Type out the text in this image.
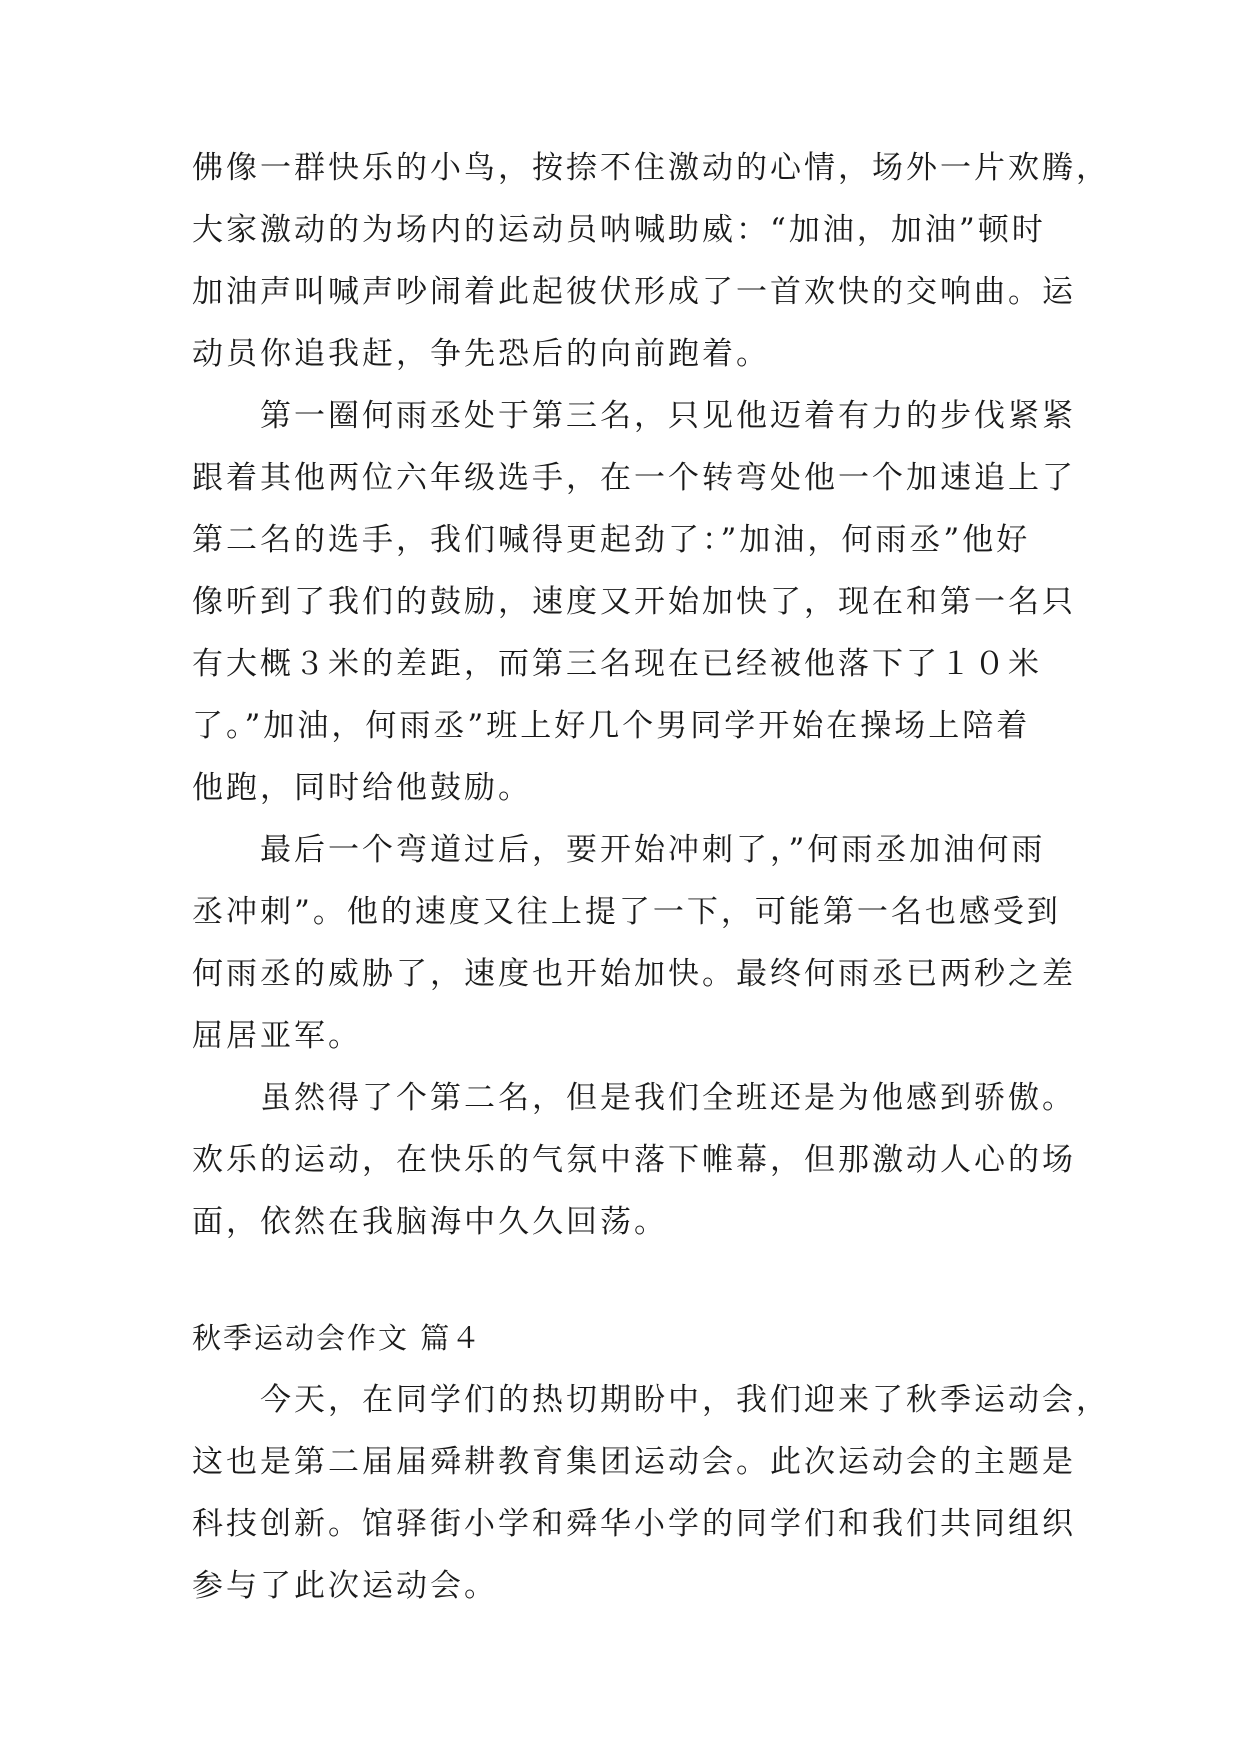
佛像一群快乐的小鸟，按捺不住激动的心情，场外一片欢腾，
大家激动的为场内的运动员呐喊助威：“加油，加油”顿时
加油声叫喊声吵闹着此起彼伏形成了一首欢快的交响曲。运
动员你追我赶，争先恐后的向前跑着。
第一圈何雨丞处于第三名，只见他迈着有力的步伐紧紧
跟着其他两位六年级选手，在一个转弯处他一个加速追上了
第二名的选手，我们喊得更起劲了：”加油，何雨丞”他好
像听到了我们的鼓励，速度又开始加快了，现在和第一名只
有大概３米的差距，而第三名现在已经被他落下了１０米
了。”加油，何雨丞”班上好几个男同学开始在操场上陪着
他跑，同时给他鼓励。
最后一个弯道过后，要开始冲刺了，”何雨丞加油何雨
丞冲刺”。他的速度又往上提了一下，可能第一名也感受到
何雨丞的威胁了，速度也开始加快。最终何雨丞已两秒之差
屈居亚军。
虽然得了个第二名，但是我们全班还是为他感到骄傲。
欢乐的运动，在快乐的气氛中落下帷幕，但那激动人心的场
面，依然在我脑海中久久回荡。
秋季运动会作文 篇４
今天，在同学们的热切期盼中，我们迎来了秋季运动会，
这也是第二届届舜耕教育集团运动会。此次运动会的主题是
科技创新。馆驿街小学和舜华小学的同学们和我们共同组织
参与了此次运动会。
